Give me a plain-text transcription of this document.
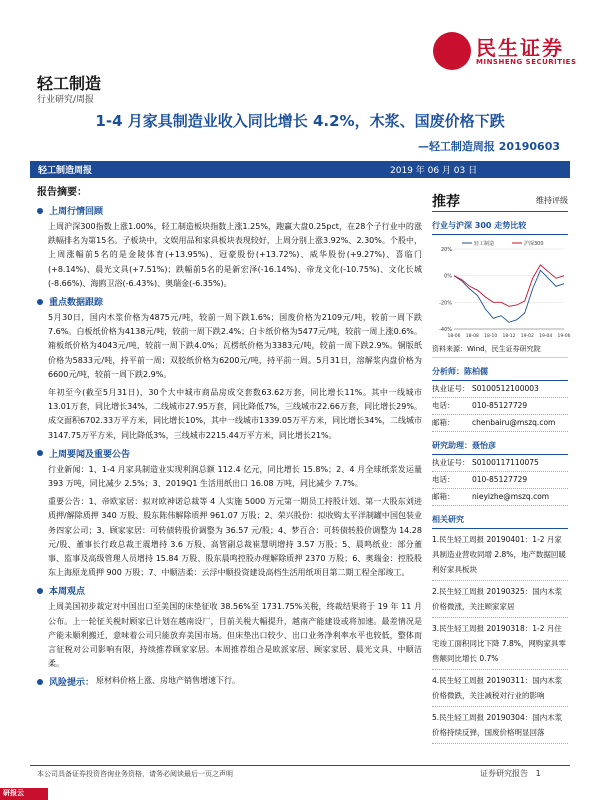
民生证券
MINSHENG SECURITIES
轻工制造
行业研究/周报
1-4 月家具制造业收入同比增长 4.2%，木浆、国废价格下跌
—轻工制造周报 20190603
轻工制造周报	2019 年 06 月 03 日
报告摘要：
上周行情回顾
上周沪深300指数上涨1.00%，轻工制造板块指数上涨1.25%，跑赢大盘0.25pct，在28个子行业中的涨跌幅排名为第15名。子板块中，文娱用品和家具板块表现较好，上周分别上涨3.92%、2.30%。个股中，上周涨幅前5名的是金陵体育(+13.95%)、冠豪股份(+13.72%)、威华股份(+9.27%)、喜临门(+8.14%)、晨光文具(+7.51%)；跌幅前5名的是新宏泽(-16.14%)、帝龙文化(-10.75%)、文化长城(-8.66%)、海鸥卫浴(-6.43%)、奥瑞金(-6.35%)。
重点数据跟踪
5月30日，国内木浆价格为4875元/吨，较前一周下跌1.6%；国废价格为2109元/吨，较前一周下跌7.6%。白板纸价格为4138元/吨，较前一周下跌2.4%；白卡纸价格为5477元/吨，较前一周上涨0.6%。箱板纸价格为4043元/吨，较前一周下跌4.0%；瓦楞纸价格为3383元/吨，较前一周下跌2.9%。铜版纸价格为5833元/吨，持平前一周；双胶纸价格为6200元/吨，持平前一周。5月31日，溶解浆内盘价格为6600元/吨，较前一周下跌2.9%。
年初至今(截至5月31日)，30个大中城市商品房成交套数63.62万套，同比增长11%。其中一线城市13.01万套，同比增长34%，二线城市27.95万套，同比降低7%，三线城市22.66万套，同比增长29%。成交面积6702.33万平方米，同比增长10%，其中一线城市1339.05万平方米，同比增长34%，二线城市3147.75万平方米，同比降低3%，三线城市2215.44万平方米，同比增长21%。
上周要闻及重要公告
行业新闻：1、1-4 月家具制造业实现利润总额 112.4 亿元，同比增长 15.8%；2、4 月全球纸浆发运量 393 万吨，同比减少 2.5%；3、2019Q1 生活用纸出口 16.08 万吨，同比减少 7.7%。
重要公告：1、帝欧家居：拟对欧神诺总裁等 4 人实施 5000 万元第一期员工持股计划、第一大股东刘进质押/解除质押 340 万股、股东陈伟解除质押 961.07 万股；2、荣兴股份：拟收购太平洋制罐中国包装业务四家公司；3、顾家家居：可转债转股价调整为 36.57 元/股；4、梦百合：可转债转股价调整为 14.28 元/股、董事长行政总裁王震增持 3.6 万股、高管副总裁崔慧明增持 3.57 万股；5、晨鸣纸业：部分董事、监事及高级管理人员增持 15.84 万股、股东晨鸣控股办理解除质押 2370 万股；6、奥瑞金：控股股东上海原龙质押 900 万股；7、中顺洁柔：云浮中顺投资建设高档生活用纸项目第二期工程全部竣工。
本周观点
上周美国初步裁定对中国出口至美国的床垫征收 38.56%至 1731.75%关税，终裁结果将于 19 年 11 月公布。上一轮征关税时顾家已计划在越南设厂，目前关税大幅提升，越南产能建设或将加速。最差情况是产能未顺利搬迁，意味着公司只能放弃美国市场。但床垫出口较少、出口业务净利率水平也较低，整体而言征税对公司影响有限，持续推荐顾家家居。本周推荐组合是欧派家居、顾家家居、晨光文具、中顺洁柔。
风险提示： 原材料价格上涨、房地产销售增速下行。
推荐	维持评级
行业与沪深 300 走势比较
20%
0%
-20%
-40%
18-06 18-08 18-10 18-12 19-02 19-04 19-06
轻工制造	沪深300
资料来源：Wind，民生证券研究院
分析师：陈柏儒
执业证号： S0100512100003
电话：	010-85127729
邮箱：	chenbairu@mszq.com
研究助理：聂怡彦
执业证号： S0100117110075
电话：	010-85127729
邮箱：	nieyizhe@mszq.com
相关研究
1.民生轻工周报 20190401：1-2 月家具制造业营收同增 2.8%，地产数据回暖利好家具板块
2.民生轻工周报 20190325：国内木浆价格微涨，关注顾家家居
3.民生轻工周报 20190318：1-2 月住宅竣工面积同比下降 7.8%，网购家具零售额同比增长 0.7%
4.民生轻工周报 20190311：国内木浆价格微跌，关注减税对行业的影响
5.民生轻工周报 20190304：国内木浆价格持续反弹，国废价格明显回落
本公司具备证券投资咨询业务资格，请务必阅读最后一页之声明	证券研究报告 1
研报云
